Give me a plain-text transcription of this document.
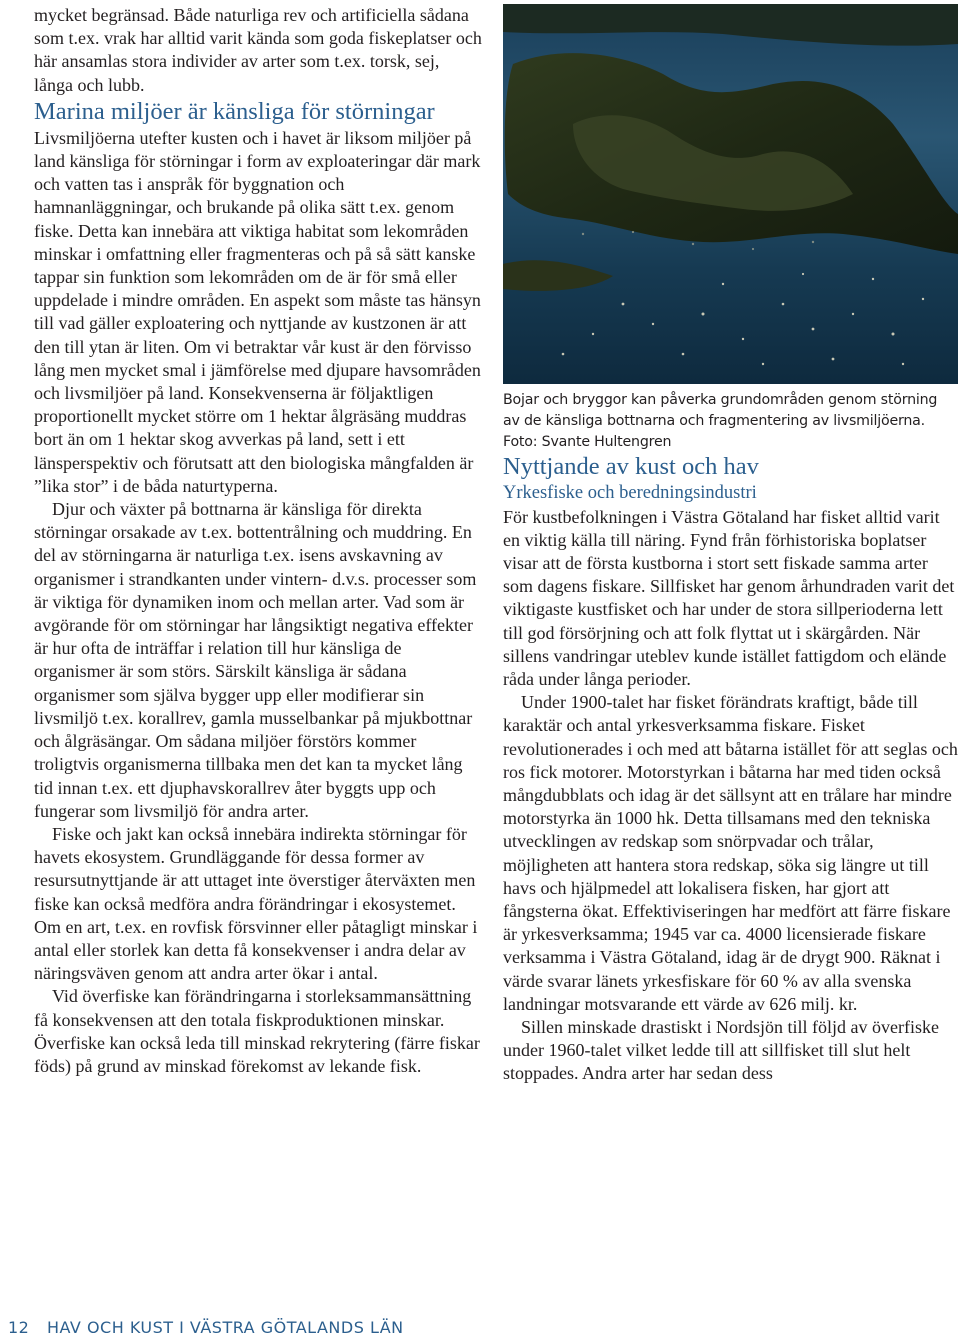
mycket begränsad. Både naturliga rev och artificiella sådana som t.ex. vrak har alltid varit kända som goda fiskeplatser och här ansamlas stora individer av arter som t.ex. torsk, sej, långa och lubb.

Marina miljöer är känsliga för störningar

Livsmiljöerna utefter kusten och i havet är liksom miljöer på land känsliga för störningar i form av exploateringar där mark och vatten tas i anspråk för byggnation och hamnanläggningar, och brukande på olika sätt t.ex. genom fiske. Detta kan innebära att viktiga habitat som lekområden minskar i omfattning eller fragmenteras och på så sätt kanske tappar sin funktion som lekområden om de är för små eller uppdelade i mindre områden. En aspekt som måste tas hänsyn till vad gäller exploatering och nyttjande av kustzonen är att den till ytan är liten. Om vi betraktar vår kust är den förvisso lång men mycket smal i jämförelse med djupare havsområden och livsmiljöer på land. Konsekvenserna är följaktligen proportionellt mycket större om 1 hektar ålgräsäng muddras bort än om 1 hektar skog avverkas på land, sett i ett länsperspektiv och förutsatt att den biologiska mångfalden är ”lika stor” i de båda naturtyperna.

Djur och växter på bottnarna är känsliga för direkta störningar orsakade av t.ex. bottentrålning och muddring. En del av störningarna är naturliga t.ex. isens avskavning av organismer i strandkanten under vintern- d.v.s. processer som är viktiga för dynamiken inom och mellan arter. Vad som är avgörande för om störningar har långsiktigt negativa effekter är hur ofta de inträffar i relation till hur känsliga de organismer är som störs. Särskilt känsliga är sådana organismer som själva bygger upp eller modifierar sin livsmiljö t.ex. korallrev, gamla musselbankar på mjukbottnar och ålgräsängar. Om sådana miljöer förstörs kommer troligtvis organismerna tillbaka men det kan ta mycket lång tid innan t.ex. ett djuphavskorallrev åter byggts upp och fungerar som livsmiljö för andra arter.

Fiske och jakt kan också innebära indirekta störningar för havets ekosystem. Grundläggande för dessa former av resursutnyttjande är att uttaget inte överstiger återväxten men fiske kan också medföra andra förändringar i ekosystemet. Om en art, t.ex. en rovfisk försvinner eller påtagligt minskar i antal eller storlek kan detta få konsekvenser i andra delar av näringsväven genom att andra arter ökar i antal.

Vid överfiske kan förändringarna i storleksammansättning få konsekvensen att den totala fiskproduktionen minskar. Överfiske kan också leda till minskad rekrytering (färre fiskar föds) på grund av minskad förekomst av lekande fisk.

Bojar och bryggor kan påverka grundområden genom störning av de känsliga bottnarna och fragmentering av livsmiljöerna. Foto: Svante Hultengren
Nyttjande av kust och hav
Yrkesfiske och beredningsindustri

För kustbefolkningen i Västra Götaland har fisket alltid varit en viktig källa till näring. Fynd från förhistoriska boplatser visar att de första kustborna i stort sett fiskade samma arter som dagens fiskare. Sillfisket har genom århundraden varit det viktigaste kustfisket och har under de stora sillperioderna lett till god försörjning och att folk flyttat ut i skärgården. När sillens vandringar uteblev kunde istället fattigdom och elände råda under långa perioder.

Under 1900-talet har fisket förändrats kraftigt, både till karaktär och antal yrkesverksamma fiskare. Fisket revolutionerades i och med att båtarna istället för att seglas och ros fick motorer. Motorstyrkan i båtarna har med tiden också mångdubblats och idag är det sällsynt att en trålare har mindre motorstyrka än 1000 hk. Detta tillsamans med den tekniska utvecklingen av redskap som snörpvadar och trålar, möjligheten att hantera stora redskap, söka sig längre ut till havs och hjälpmedel att lokalisera fisken, har gjort att fångsterna ökat. Effektiviseringen har medfört att färre fiskare är yrkesverksamma; 1945 var ca. 4000 licensierade fiskare verksamma i Västra Götaland, idag är de drygt 900. Räknat i värde svarar länets yrkesfiskare för 60 % av alla svenska landningar motsvarande ett värde av 626 milj. kr.

Sillen minskade drastiskt i Nordsjön till följd av överfiske under 1960-talet vilket ledde till att sillfisket till slut helt stoppades. Andra arter har sedan dess

12 HAV OCH KUST I VÄSTRA GÖTALANDS LÄN
